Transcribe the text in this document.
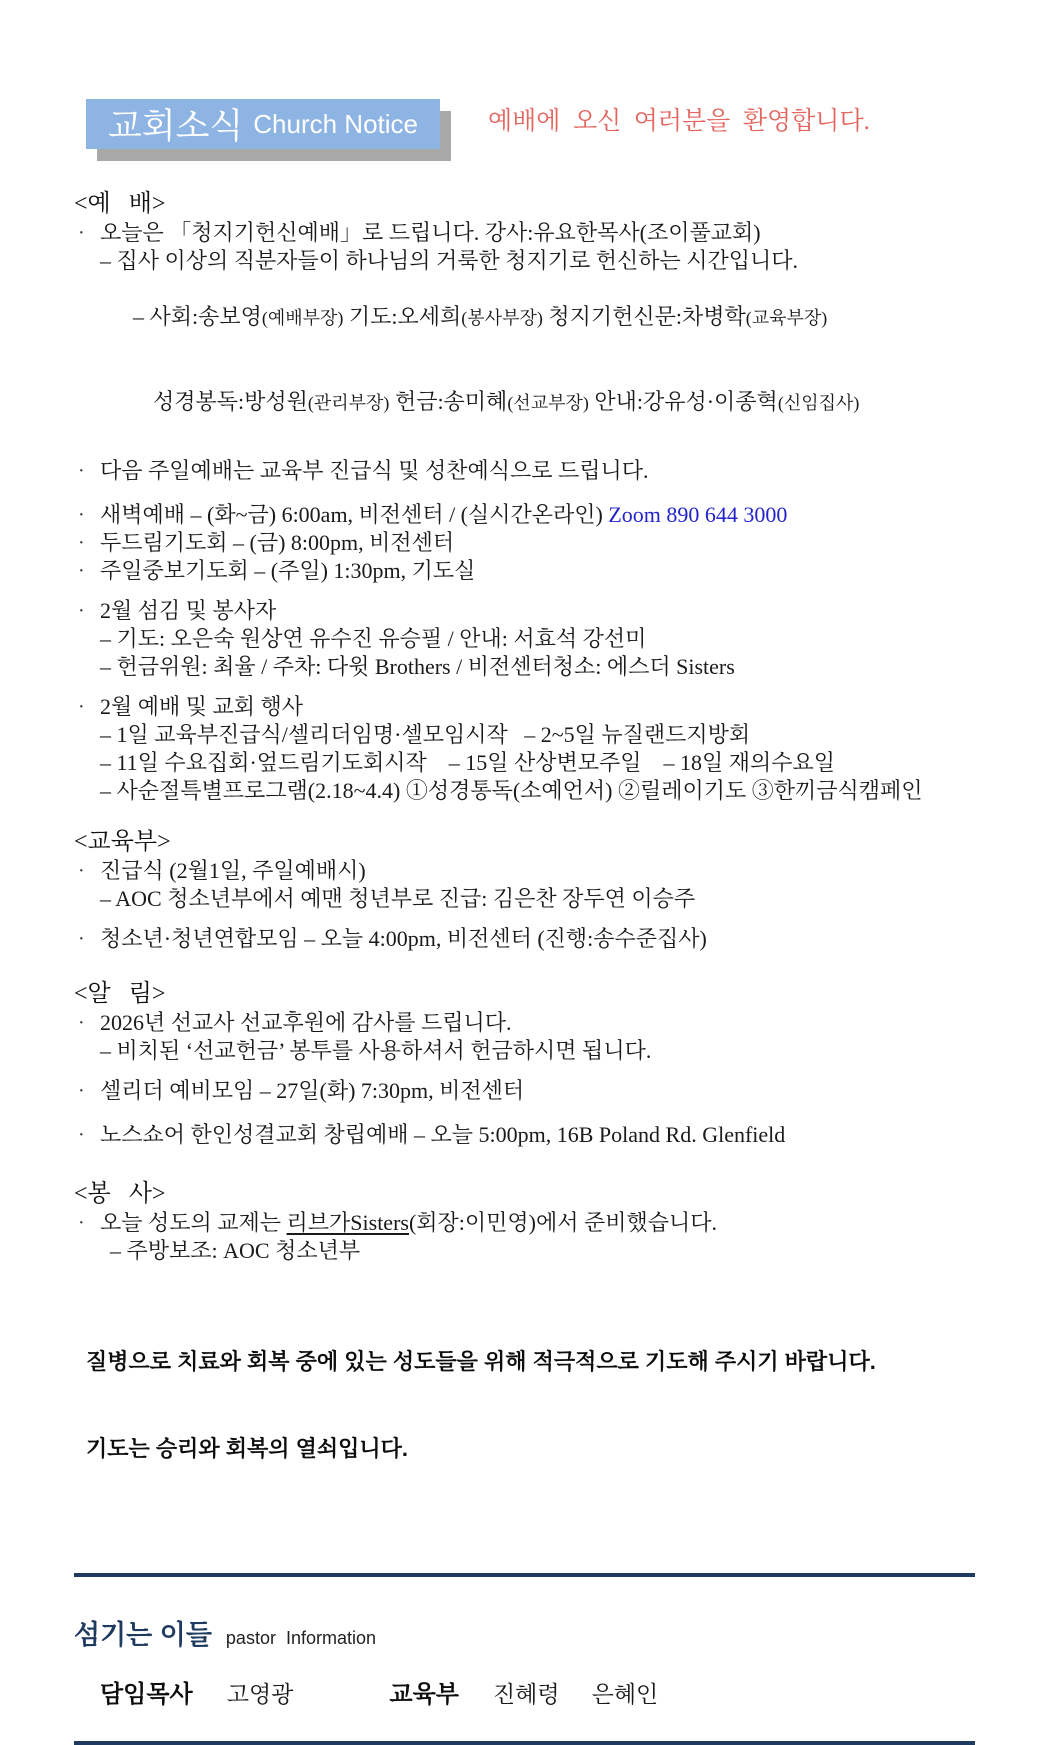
교회소식 Church Notice	예배에  오신  여러분을  환영합니다.
<예   배>
· 오늘은 「청지기헌신예배」로 드립니다. 강사:유요한목사(조이풀교회)
– 집사 이상의 직분자들이 하나님의 거룩한 청지기로 헌신하는 시간입니다.

– 사회:송보영(예배부장) 기도:오세희(봉사부장) 청지기헌신문:차병학(교육부장)

성경봉독:방성원(관리부장) 헌금:송미혜(선교부장) 안내:강유성·이종혁(신임집사)

· 다음 주일예배는 교육부 진급식 및 성찬예식으로 드립니다.
· 새벽예배 – (화~금) 6:00am, 비전센터 / (실시간온라인) Zoom 890 644 3000
· 두드림기도회 – (금) 8:00pm, 비전센터
· 주일중보기도회 – (주일) 1:30pm, 기도실
· 2월 섬김 및 봉사자
– 기도: 오은숙 원상연 유수진 유승필 / 안내: 서효석 강선미
– 헌금위원: 최율 / 주차: 다윗 Brothers / 비전센터청소: 에스더 Sisters
· 2월 예배 및 교회 행사
– 1일 교육부진급식/셀리더임명·셀모임시작   – 2~5일 뉴질랜드지방회
– 11일 수요집회·엎드림기도회시작    – 15일 산상변모주일    – 18일 재의수요일
– 사순절특별프로그램(2.18~4.4) ①성경통독(소예언서) ②릴레이기도 ③한끼금식캠페인
<교육부>
· 진급식 (2월1일, 주일예배시)
– AOC 청소년부에서 예맨 청년부로 진급: 김은찬 장두연 이승주
· 청소년·청년연합모임 – 오늘 4:00pm, 비전센터 (진행:송수준집사)
<알   림>
· 2026년 선교사 선교후원에 감사를 드립니다.
– 비치된 ‘선교헌금’ 봉투를 사용하셔서 헌금하시면 됩니다.
· 셀리더 예비모임 – 27일(화) 7:30pm, 비전센터
· 노스쇼어 한인성결교회 창립예배 – 오늘 5:00pm, 16B Poland Rd. Glenfield
<봉   사>
· 오늘 성도의 교제는 리브가Sisters(회장:이민영)에서 준비했습니다.
– 주방보조: AOC 청소년부

질병으로 치료와 회복 중에 있는 성도들을 위해 적극적으로 기도해 주시기 바랍니다.

기도는 승리와 회복의 열쇠입니다.

섬기는 이들 pastor  Information
담임목사 고영광	교육부 진혜령 은혜인
